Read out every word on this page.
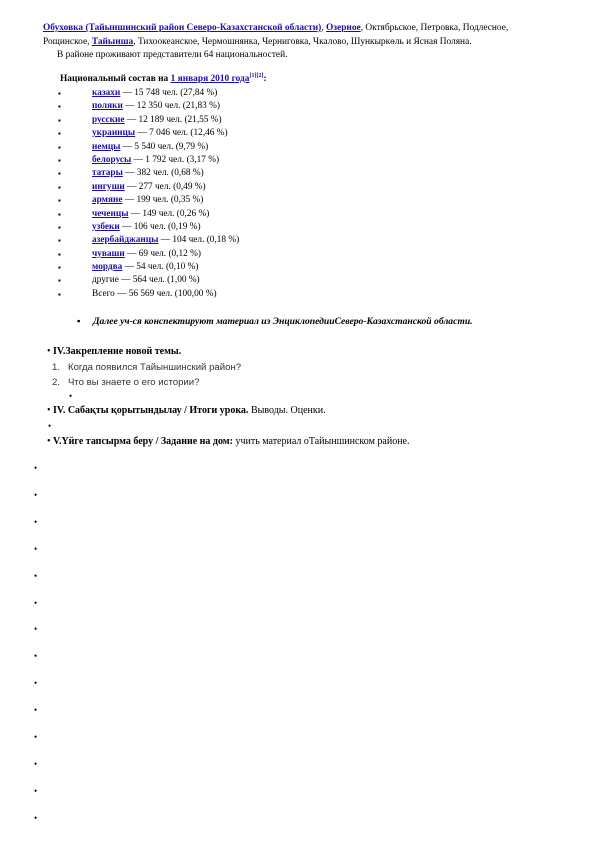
Обуховка (Тайыншинский район Северо-Казахстанской области), Озерное, Октябрьское, Петровка, Подлесное,
Рощинское, Тайынша, Тихоокеанское, Чермошнянка, Черниговка, Чкалово, Шункыркөль и Ясная Поляна.
В районе проживают представители 64 национальностей.
Национальный состав на 1 января 2010 года[1][2]:
▪	казахи — 15 748 чел. (27,84 %)
▪	поляки — 12 350 чел. (21,83 %)
▪	русские — 12 189 чел. (21,55 %)
▪	украинцы — 7 046 чел. (12,46 %)
▪	немцы — 5 540 чел. (9,79 %)
▪	белорусы — 1 792 чел. (3,17 %)
▪	татары — 382 чел. (0,68 %)
▪	ингуши — 277 чел. (0,49 %)
▪	армяне — 199 чел. (0,35 %)
▪	чеченцы — 149 чел. (0,26 %)
▪	узбеки — 106 чел. (0,19 %)
▪	азербайджанцы — 104 чел. (0,18 %)
▪	чуваши — 69 чел. (0,12 %)
▪	мордва — 54 чел. (0,10 %)
▪	другие — 564 чел. (1,00 %)
▪	Всего — 56 569 чел. (100,00 %)
▪ Далее уч-ся конспектируют материал из ЭнциклопедииСеверо-Казахстанской области.
• IV.Закрепление новой темы.
1. Когда появился Тайыншинский район?
2. Что вы знаете о его истории?
•
• IV. Сабақты қорытындылау / Итоги урока. Выводы. Оценки.
•
• V.Үйге тапсырма беру / Задание на дом: учить материал оТайыншинском районе.
•
•
•
•
•
•
•
•
•
•
•
•
•
•
